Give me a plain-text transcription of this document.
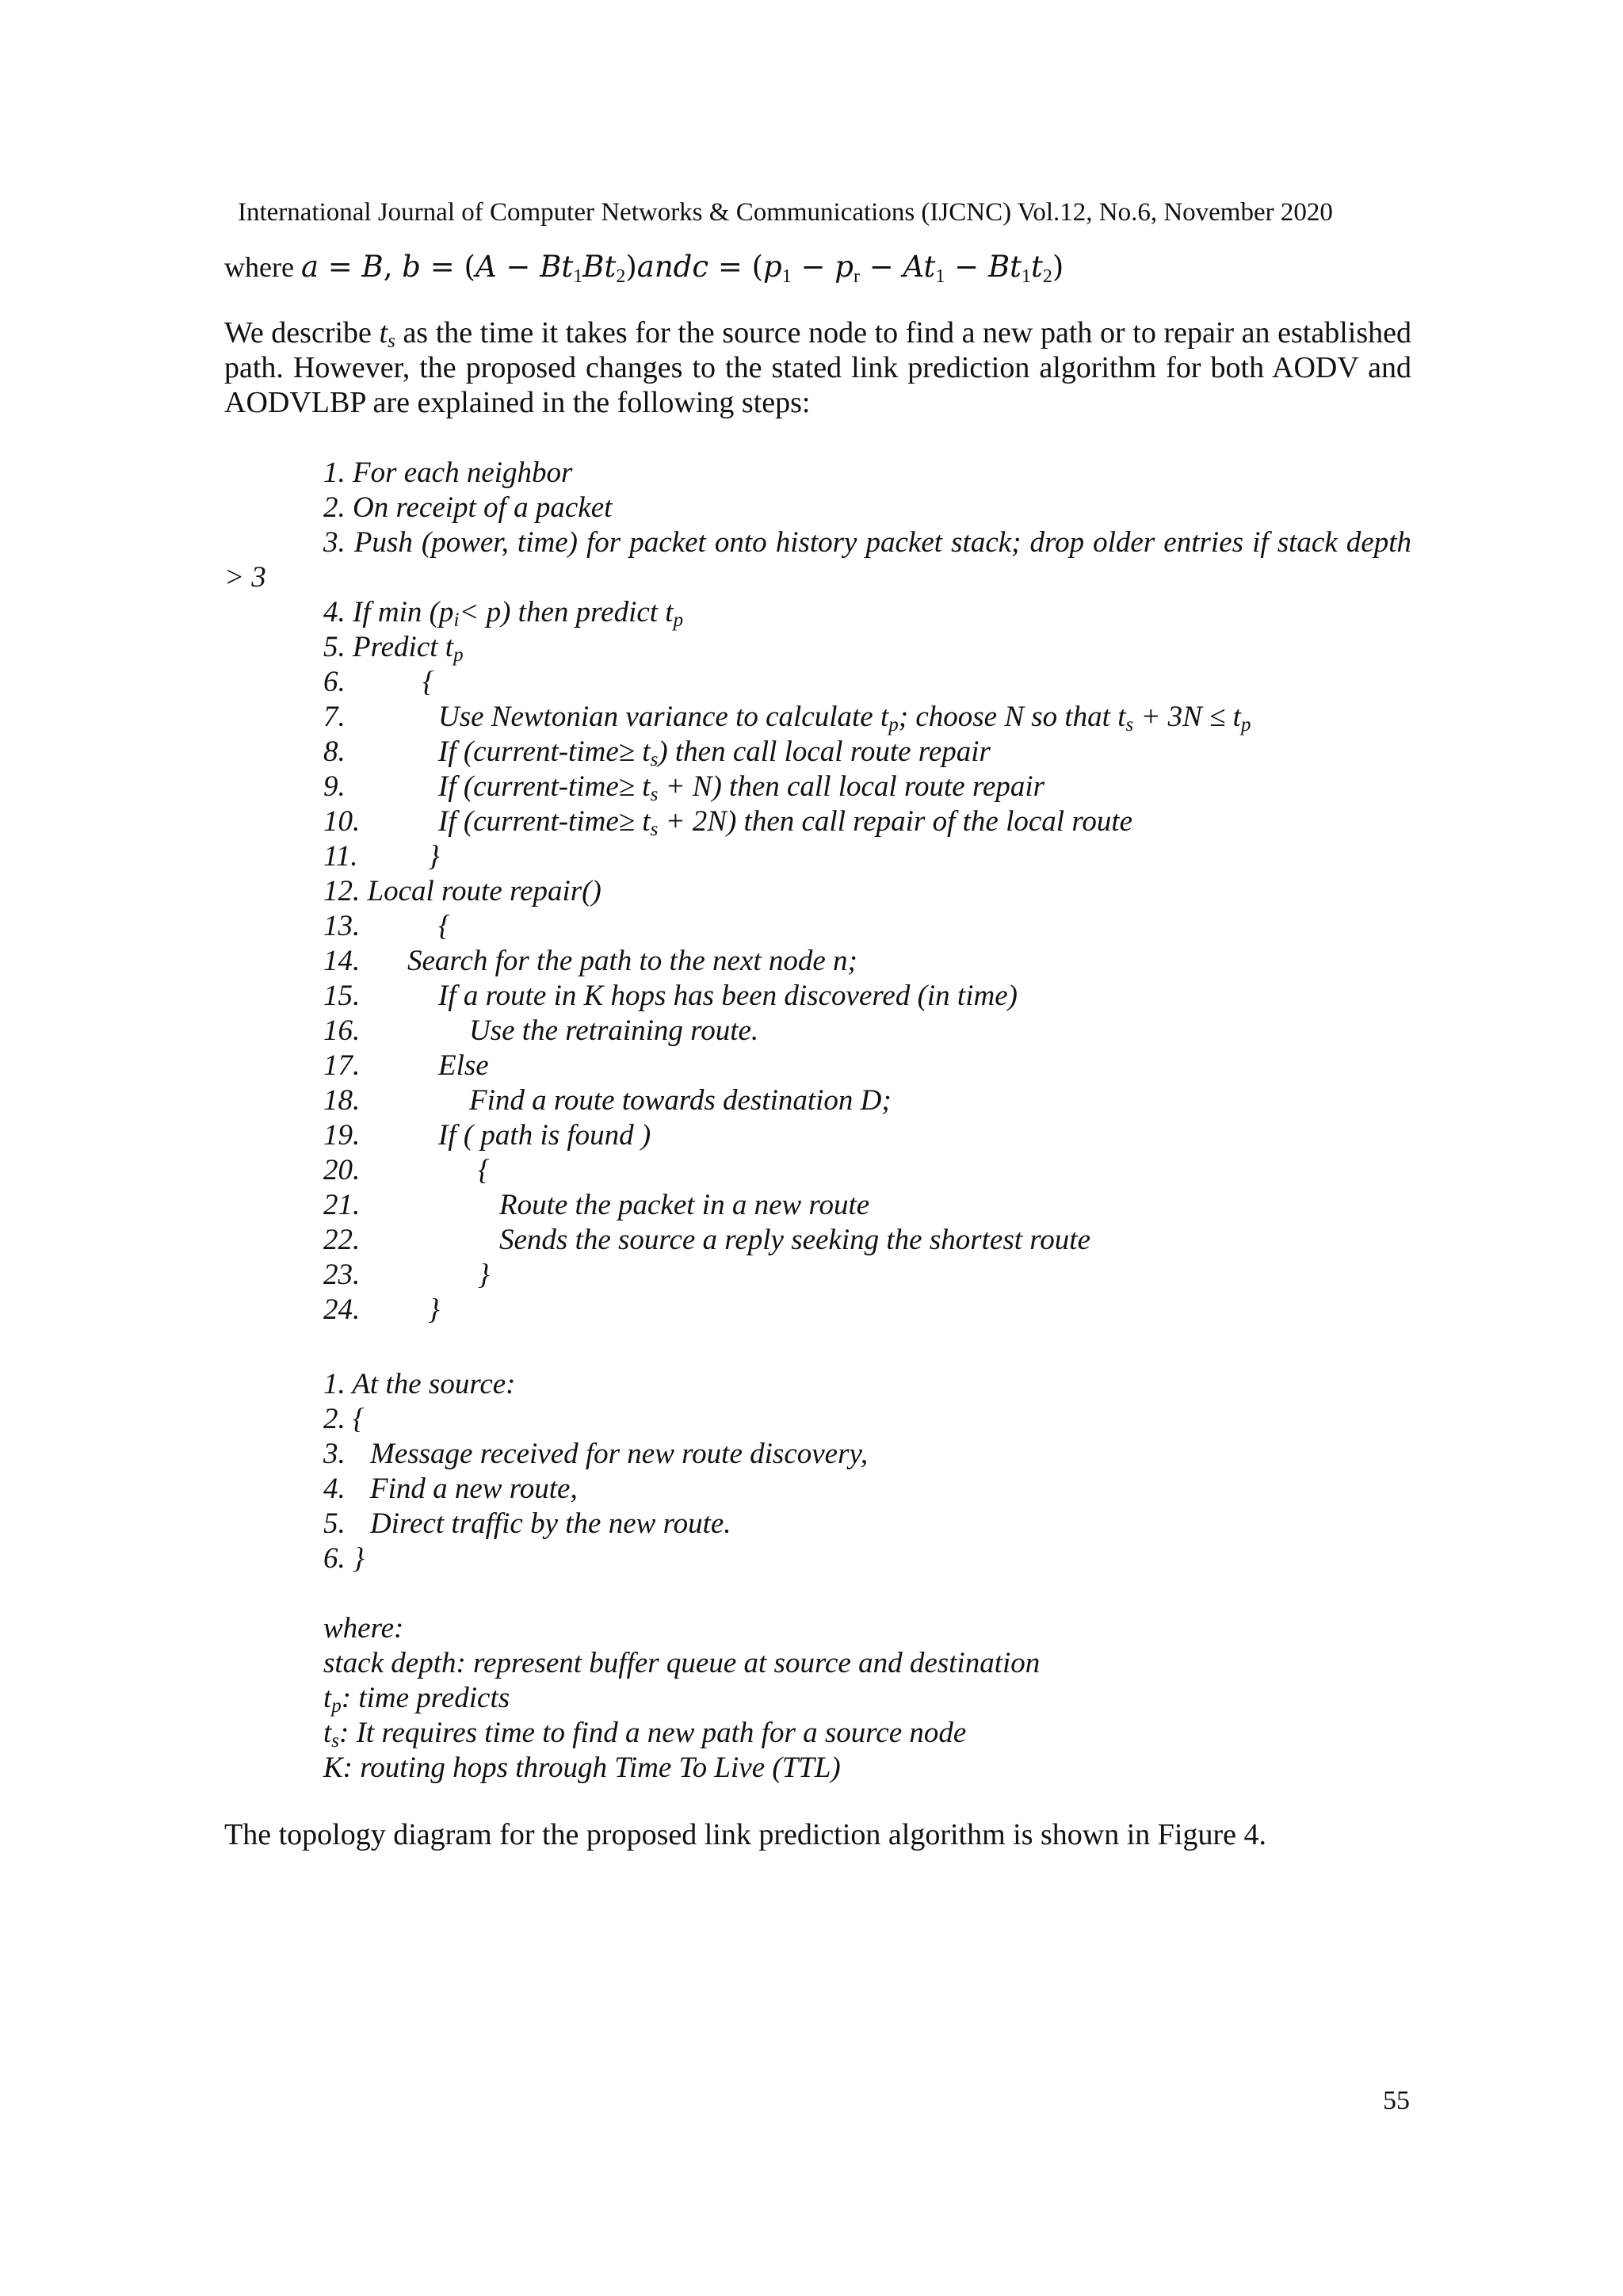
International Journal of Computer Networks & Communications (IJCNC) Vol.12, No.6, November 2020
where a = B, $b = (A - Bt_1Bt_2)andc = (p_1 - p_r - At_1 - Bt_1t_2)$

We describe $t_s$ as the time it takes for the source node to find a new path or to repair an established path. However, the proposed changes to the stated link prediction algorithm for both AODV and AODVLBP are explained in the following steps:

1. For each neighbor
2. On receipt of a packet
3. Push (power, time) for packet onto history packet stack; drop older entries if stack depth > 3
4. If $\min (p_i< p)$ then predict $t_p$
5. Predict $t_p$
6.	{
7.	Use Newtonian variance to calculate $t_p$; choose N so that $t_s + 3N \le t_p$
8.	If (current-time≥ $t_s$) then call local route repair
9.	If (current-time≥ $t_s + N$) then call local route repair
10.	If (current-time≥ $t_s + 2N$) then call repair of the local route
11. }
12. Local route repair()
13.	{
14. Search for the path to the next node n;
15.	If a route in K hops has been discovered (in time)
16.	Use the retraining route.
17.	Else
18.	Find a route towards destination D;
19.	If ( path is found )
20.	{
21.	Route the packet in a new route
22.	Sends the source a reply seeking the shortest route
23.	}
24. }
1. At the source:
2. {
3. Message received for new route discovery,
4. Find a new route,
5. Direct traffic by the new route.
6. }
where:
stack depth: represent buffer queue at source and destination
$t_p$: time predicts
$t_s$: It requires time to find a new path for a source node
K: routing hops through Time To Live (TTL)
The topology diagram for the proposed link prediction algorithm is shown in Figure 4.
55
